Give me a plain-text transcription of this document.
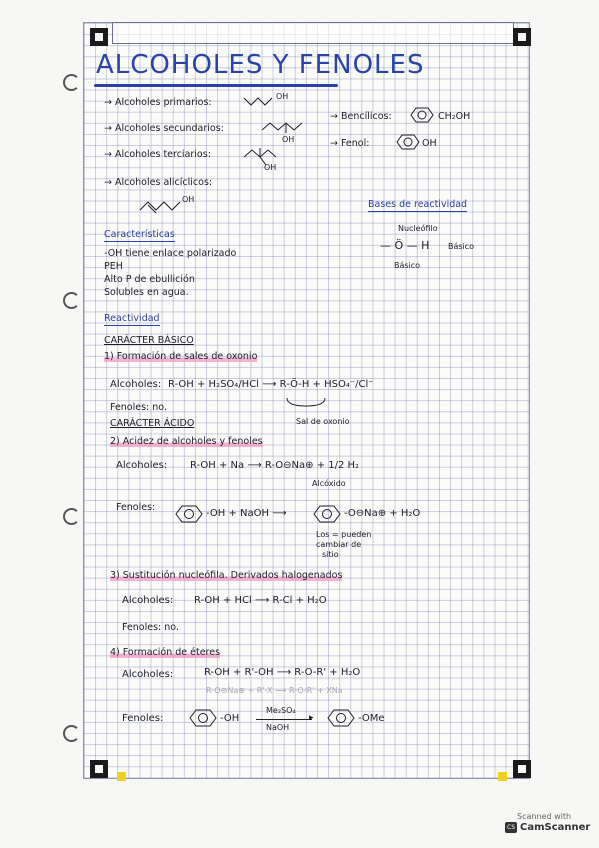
ALCOHOLES Y FENOLES
→ Alcoholes primarios:
OH
→ Alcoholes secundarios:
OH
→ Alcoholes terciarios:
OH
→ Alcoholes alicíclicos:
OH
→ Bencílicos:	CH₂OH
→ Fenol:	OH
Bases de reactividad
Nucleófilo
— Ö — H Básico
Básico
Características
-OH tiene enlace polarizado
PEH
Alto P de ebullición
Solubles en agua.
Reactividad
CARÁCTER BÁSICO
1) Formación de sales de oxonio
Alcoholes: R-OH + H₂SO₄/HCl ⟶ R-Ö-H + HSO₄⁻/Cl⁻
Sal de oxonio
Fenoles: no.
CARÁCTER ÁCIDO
2) Acidez de alcoholes y fenoles
Alcoholes: R-OH + Na ⟶ R-O⊖Na⊕ + 1/2 H₂
Alcóxido
Fenoles:
-OH + NaOH ⟶	-O⊖Na⊕ + H₂O
Los = pueden
cambiar de
sitio
3) Sustitución nucleófila. Derivados halogenados
Alcoholes: R-OH + HCl ⟶ R-Cl + H₂O
Fenoles: no.
4) Formación de éteres
Alcoholes:	R-OH + R'-OH ⟶ R-O-R' + H₂O
R-O⊖Na⊕ + R'-X ⟶ R-O-R' + XNa
Fenoles:	-OH
Me₂SO₄
▸
NaOH
-OMe
Scanned with
CS CamScanner
